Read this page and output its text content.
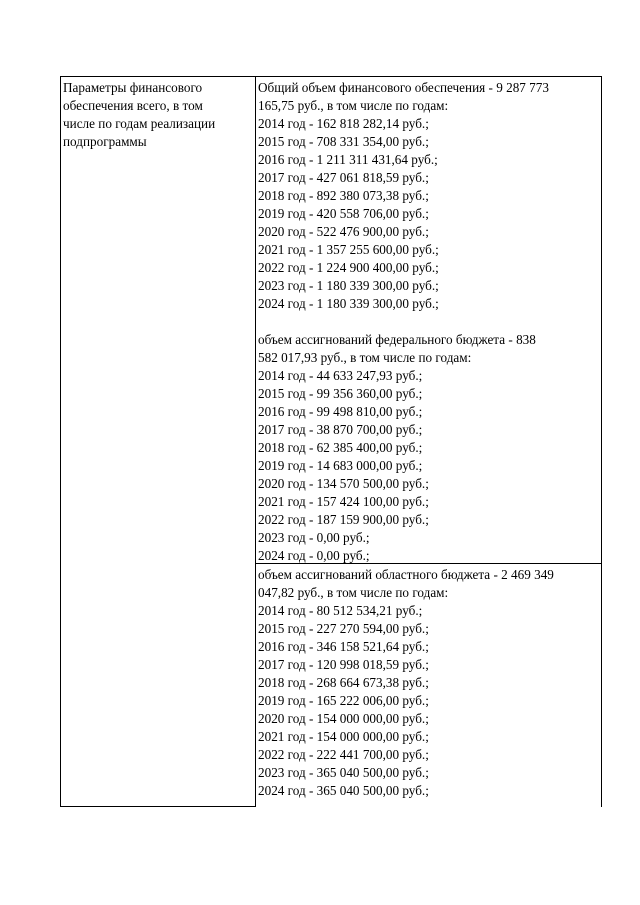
Параметры финансового
обеспечения всего, в том
числе по годам реализации
подпрограммы
Общий объем финансового обеспечения - 9 287 773
165,75 руб., в том числе по годам:
2014 год - 162 818 282,14 руб.;
2015 год - 708 331 354,00 руб.;
2016 год - 1 211 311 431,64 руб.;
2017 год - 427 061 818,59 руб.;
2018 год - 892 380 073,38 руб.;
2019 год - 420 558 706,00 руб.;
2020 год - 522 476 900,00 руб.;
2021 год - 1 357 255 600,00 руб.;
2022 год - 1 224 900 400,00 руб.;
2023 год - 1 180 339 300,00 руб.;
2024 год - 1 180 339 300,00 руб.;
объем ассигнований федерального бюджета - 838
582 017,93 руб., в том числе по годам:
2014 год - 44 633 247,93 руб.;
2015 год - 99 356 360,00 руб.;
2016 год - 99 498 810,00 руб.;
2017 год - 38 870 700,00 руб.;
2018 год - 62 385 400,00 руб.;
2019 год - 14 683 000,00 руб.;
2020 год - 134 570 500,00 руб.;
2021 год - 157 424 100,00 руб.;
2022 год - 187 159 900,00 руб.;
2023 год - 0,00 руб.;
2024 год - 0,00 руб.;
объем ассигнований областного бюджета - 2 469 349
047,82 руб., в том числе по годам:
2014 год - 80 512 534,21 руб.;
2015 год - 227 270 594,00 руб.;
2016 год - 346 158 521,64 руб.;
2017 год - 120 998 018,59 руб.;
2018 год - 268 664 673,38 руб.;
2019 год - 165 222 006,00 руб.;
2020 год - 154 000 000,00 руб.;
2021 год - 154 000 000,00 руб.;
2022 год - 222 441 700,00 руб.;
2023 год - 365 040 500,00 руб.;
2024 год - 365 040 500,00 руб.;
